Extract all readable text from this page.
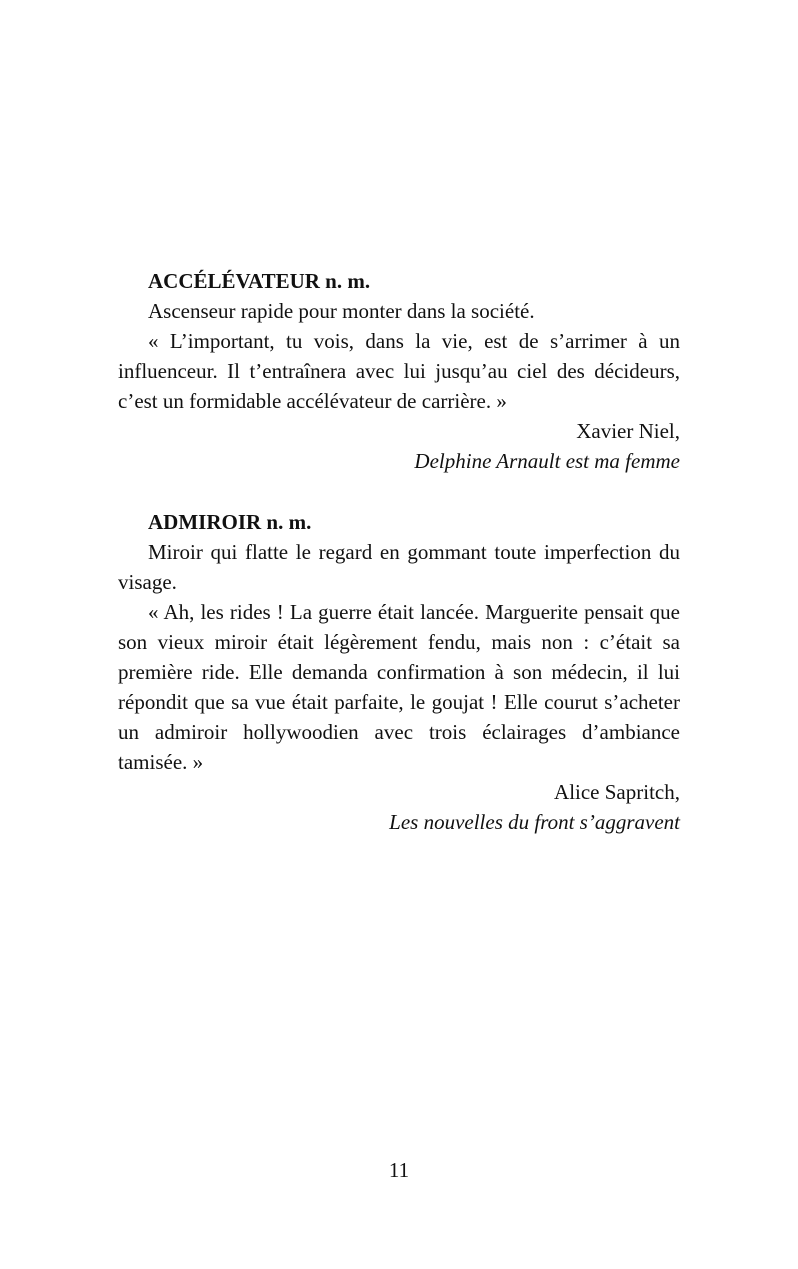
ACCÉLÉVATEUR n. m.

Ascenseur rapide pour monter dans la société.

« L’important, tu vois, dans la vie, est de s’arrimer à un influenceur. Il t’entraînera avec lui jusqu’au ciel des décideurs, c’est un formidable accélévateur de carrière. »

Xavier Niel,

Delphine Arnault est ma femme

ADMIROIR n. m.

Miroir qui flatte le regard en gommant toute imperfection du visage.

« Ah, les rides ! La guerre était lancée. Marguerite pensait que son vieux miroir était légèrement fendu, mais non : c’était sa première ride. Elle demanda confirmation à son médecin, il lui répondit que sa vue était parfaite, le goujat ! Elle courut s’acheter un admiroir hollywoodien avec trois éclairages d’ambiance tamisée. »

Alice Sapritch,

Les nouvelles du front s’aggravent

11
